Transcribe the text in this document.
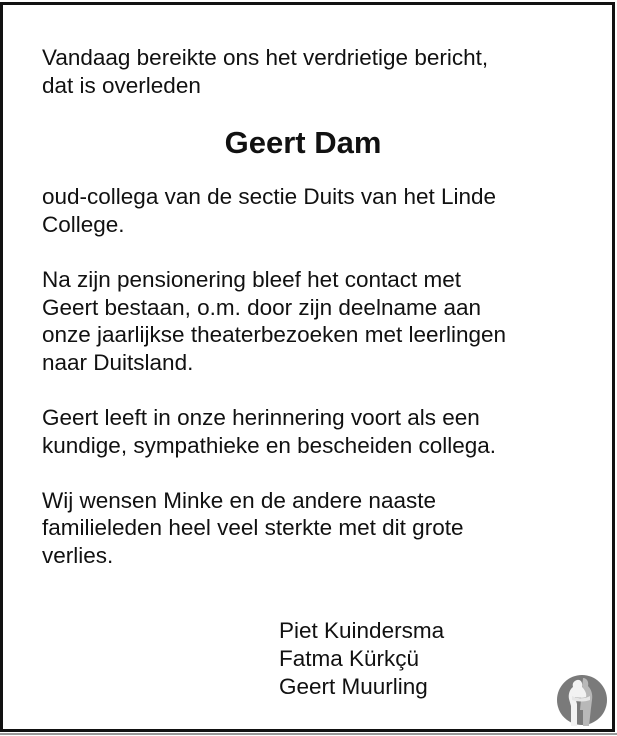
Vandaag bereikte ons het verdrietige bericht,
dat is overleden

Geert Dam

oud-collega van de sectie Duits van het Linde
College.

Na zijn pensionering bleef het contact met
Geert bestaan, o.m. door zijn deelname aan
onze jaarlijkse theaterbezoeken met leerlingen
naar Duitsland.

Geert leeft in onze herinnering voort als een
kundige, sympathieke en bescheiden collega.

Wij wensen Minke en de andere naaste
familieleden heel veel sterkte met dit grote
verlies.

Piet Kuindersma
Fatma Kürkçü
Geert Muurling
